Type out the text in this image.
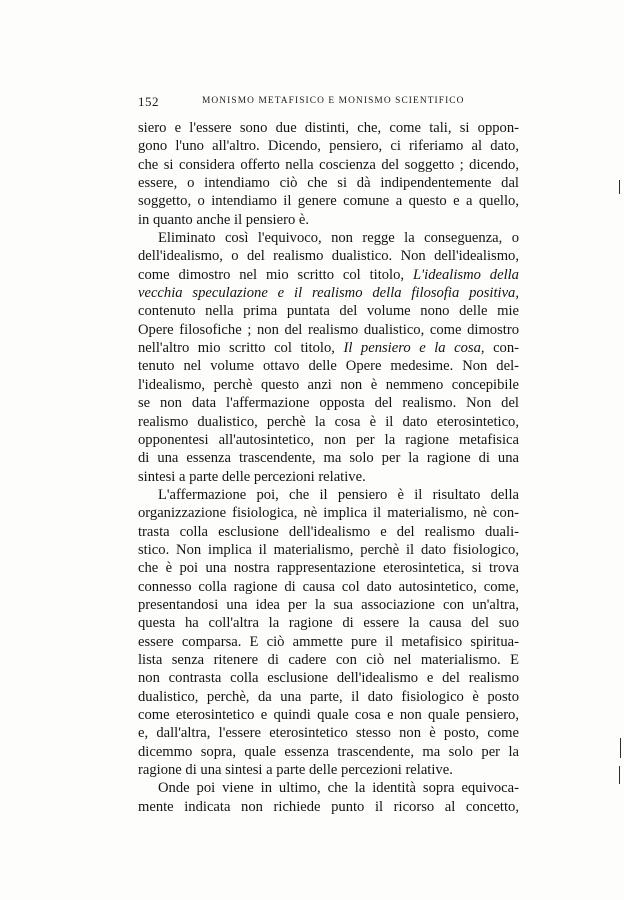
152	MONISMO METAFISICO E MONISMO SCIENTIFICO
siero e l'essere sono due distinti, che, come tali, si oppon-
gono l'uno all'altro. Dicendo, pensiero, ci riferiamo al dato,
che si considera offerto nella coscienza del soggetto ; dicendo,
essere, o intendiamo ciò che si dà indipendentemente dal
soggetto, o intendiamo il genere comune a questo e a quello,
in quanto anche il pensiero è.
Eliminato così l'equivoco, non regge la conseguenza, o
dell'idealismo, o del realismo dualistico. Non dell'idealismo,
come dimostro nel mio scritto col titolo, L'idealismo della
vecchia speculazione e il realismo della filosofia positiva,
contenuto nella prima puntata del volume nono delle mie
Opere filosofiche ; non del realismo dualistico, come dimostro
nell'altro mio scritto col titolo, Il pensiero e la cosa, con-
tenuto nel volume ottavo delle Opere medesime. Non del-
l'idealismo, perchè questo anzi non è nemmeno concepibile
se non data l'affermazione opposta del realismo. Non del
realismo dualistico, perchè la cosa è il dato eterosintetico,
opponentesi all'autosintetico, non per la ragione metafisica
di una essenza trascendente, ma solo per la ragione di una
sintesi a parte delle percezioni relative.
L'affermazione poi, che il pensiero è il risultato della
organizzazione fisiologica, nè implica il materialismo, nè con-
trasta colla esclusione dell'idealismo e del realismo duali-
stico. Non implica il materialismo, perchè il dato fisiologico,
che è poi una nostra rappresentazione eterosintetica, si trova
connesso colla ragione di causa col dato autosintetico, come,
presentandosi una idea per la sua associazione con un'altra,
questa ha coll'altra la ragione di essere la causa del suo
essere comparsa. E ciò ammette pure il metafisico spiritua-
lista senza ritenere di cadere con ciò nel materialismo. E
non contrasta colla esclusione dell'idealismo e del realismo
dualistico, perchè, da una parte, il dato fisiologico è posto
come eterosintetico e quindi quale cosa e non quale pensiero,
e, dall'altra, l'essere eterosintetico stesso non è posto, come
dicemmo sopra, quale essenza trascendente, ma solo per la
ragione di una sintesi a parte delle percezioni relative.
Onde poi viene in ultimo, che la identità sopra equivoca-
mente indicata non richiede punto il ricorso al concetto,
